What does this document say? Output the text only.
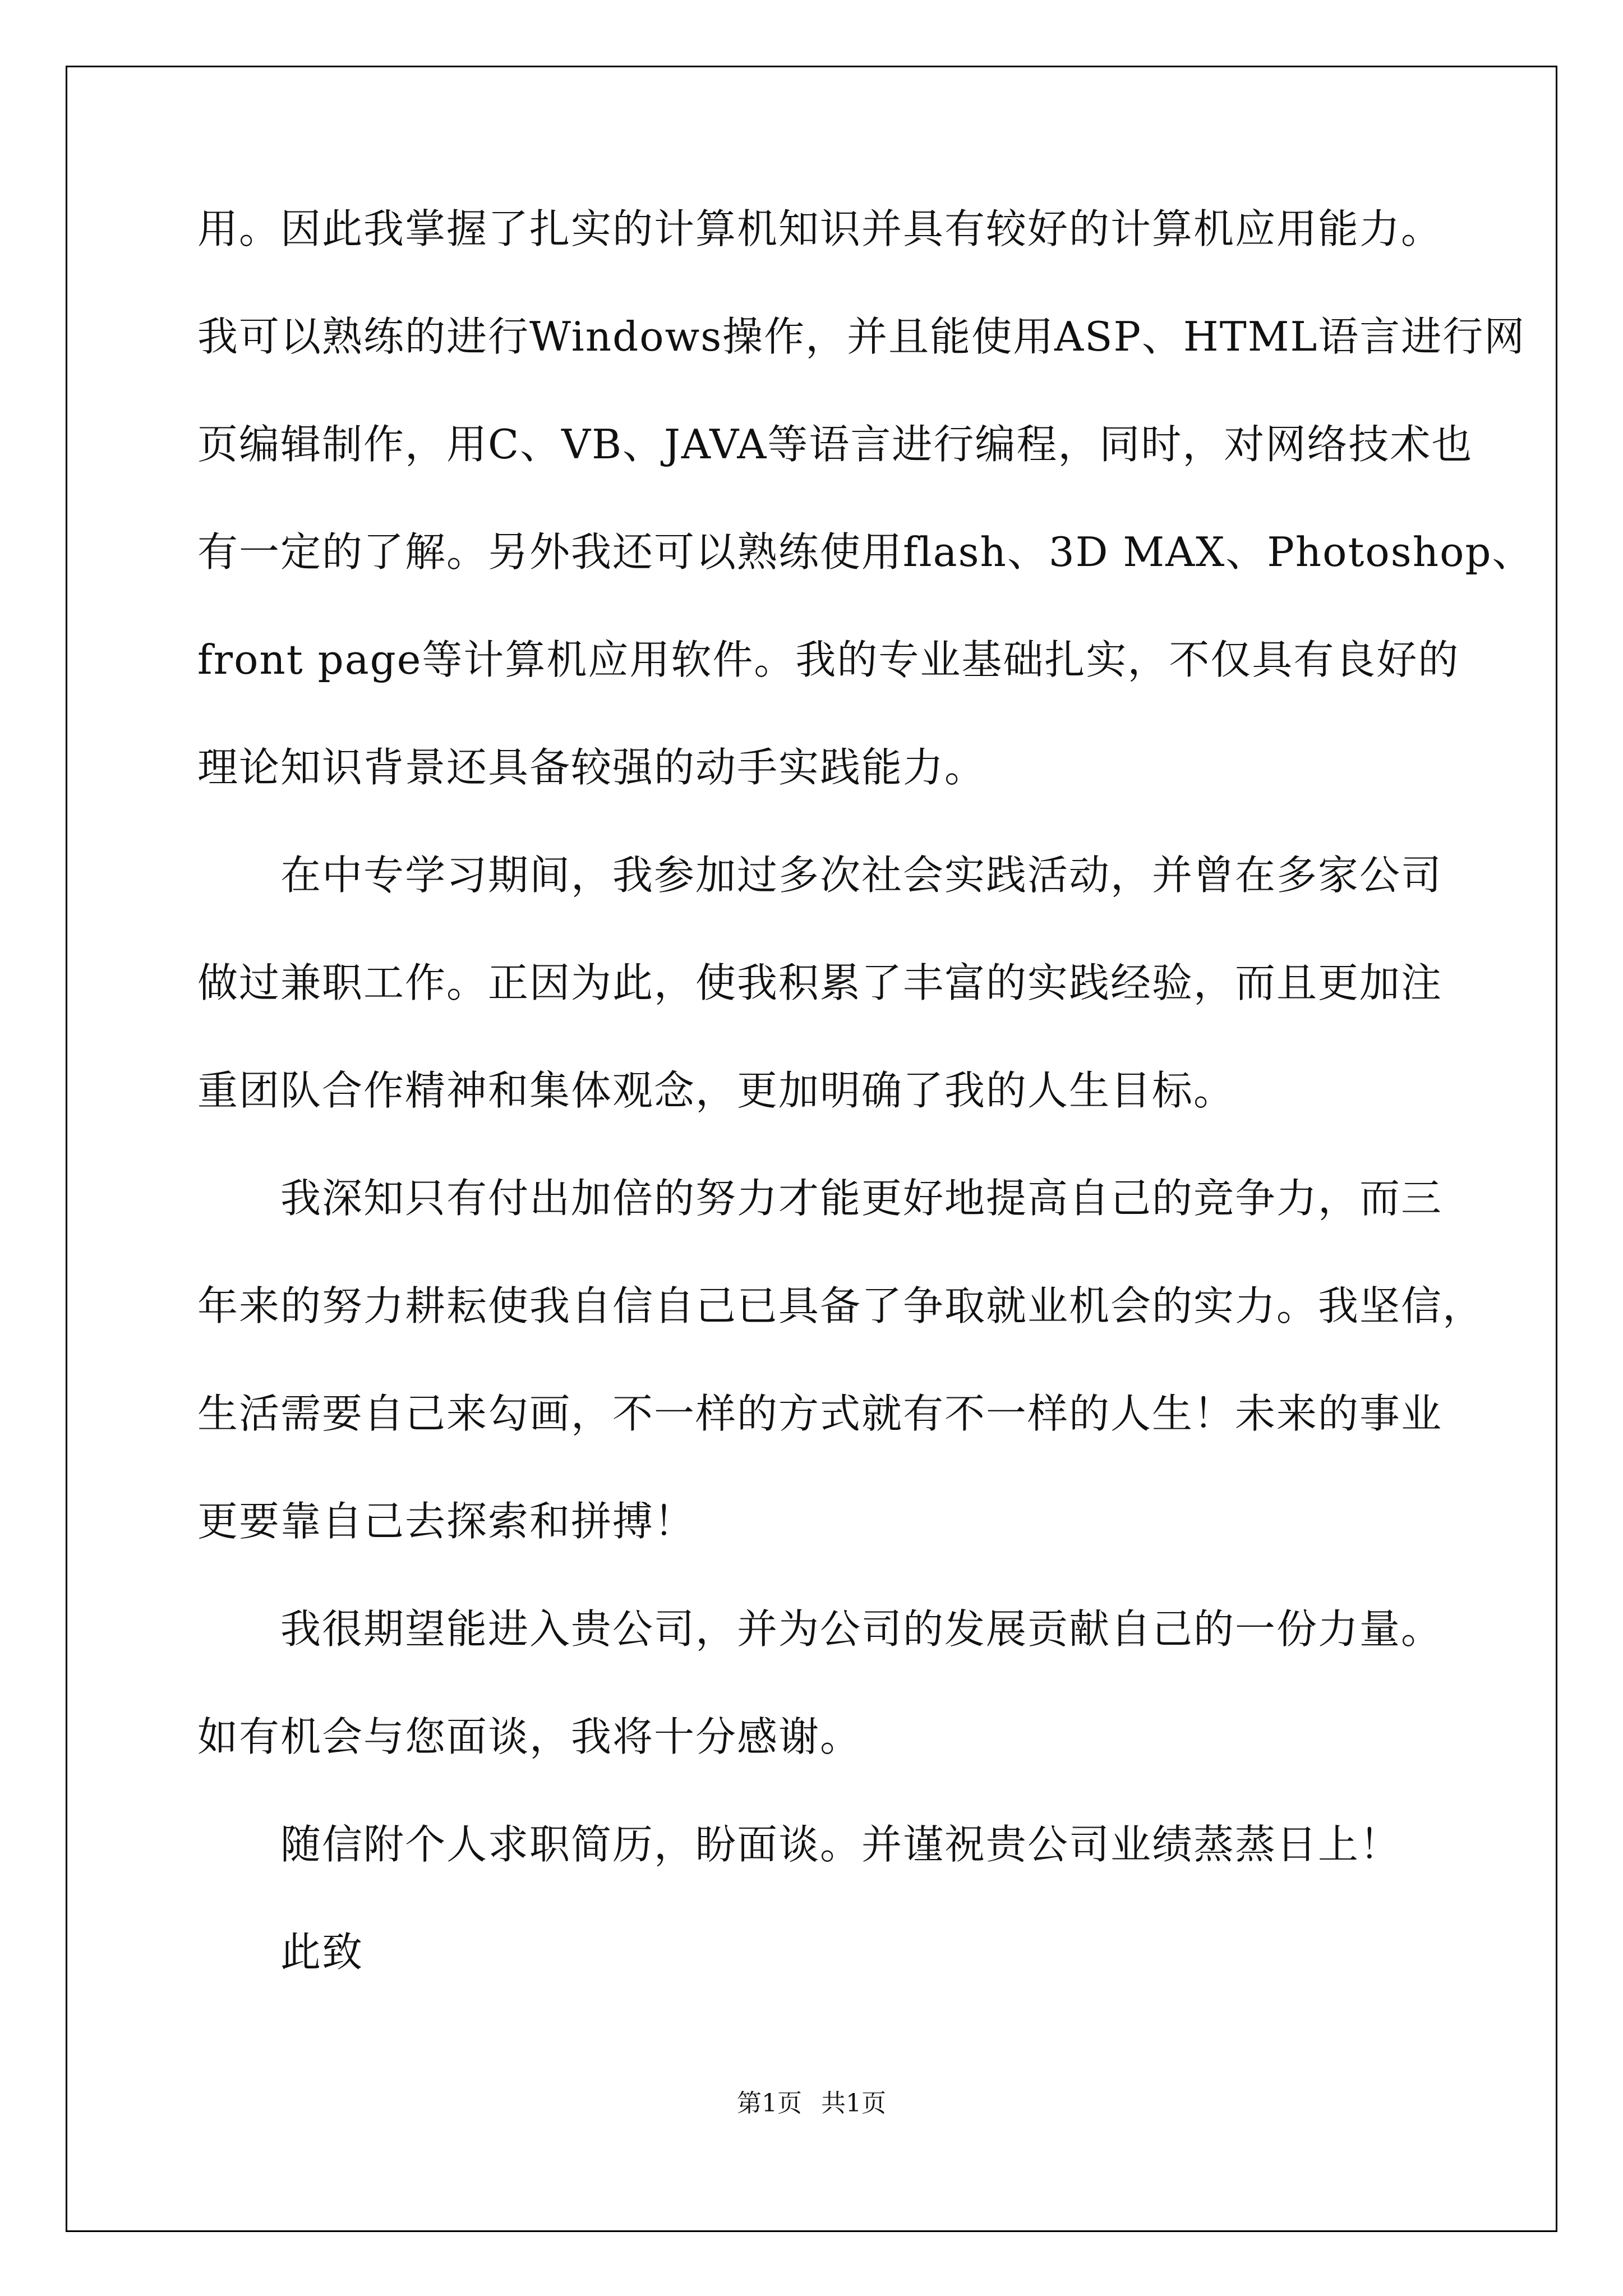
用。因此我掌握了扎实的计算机知识并具有较好的计算机应用能力。
我可以熟练的进行Windows操作，并且能使用ASP、HTML语言进行网
页编辑制作，用C、VB、JAVA等语言进行编程，同时，对网络技术也
有一定的了解。另外我还可以熟练使用flash、3D MAX、Photoshop、
front page等计算机应用软件。我的专业基础扎实，不仅具有良好的
理论知识背景还具备较强的动手实践能力。
在中专学习期间，我参加过多次社会实践活动，并曾在多家公司
做过兼职工作。正因为此，使我积累了丰富的实践经验，而且更加注
重团队合作精神和集体观念，更加明确了我的人生目标。
我深知只有付出加倍的努力才能更好地提高自己的竞争力，而三
年来的努力耕耘使我自信自己已具备了争取就业机会的实力。我坚信，
生活需要自己来勾画，不一样的方式就有不一样的人生！未来的事业
更要靠自己去探索和拼搏！
我很期望能进入贵公司，并为公司的发展贡献自己的一份力量。
如有机会与您面谈，我将十分感谢。
随信附个人求职简历，盼面谈。并谨祝贵公司业绩蒸蒸日上！
此致
第1页 共1页
